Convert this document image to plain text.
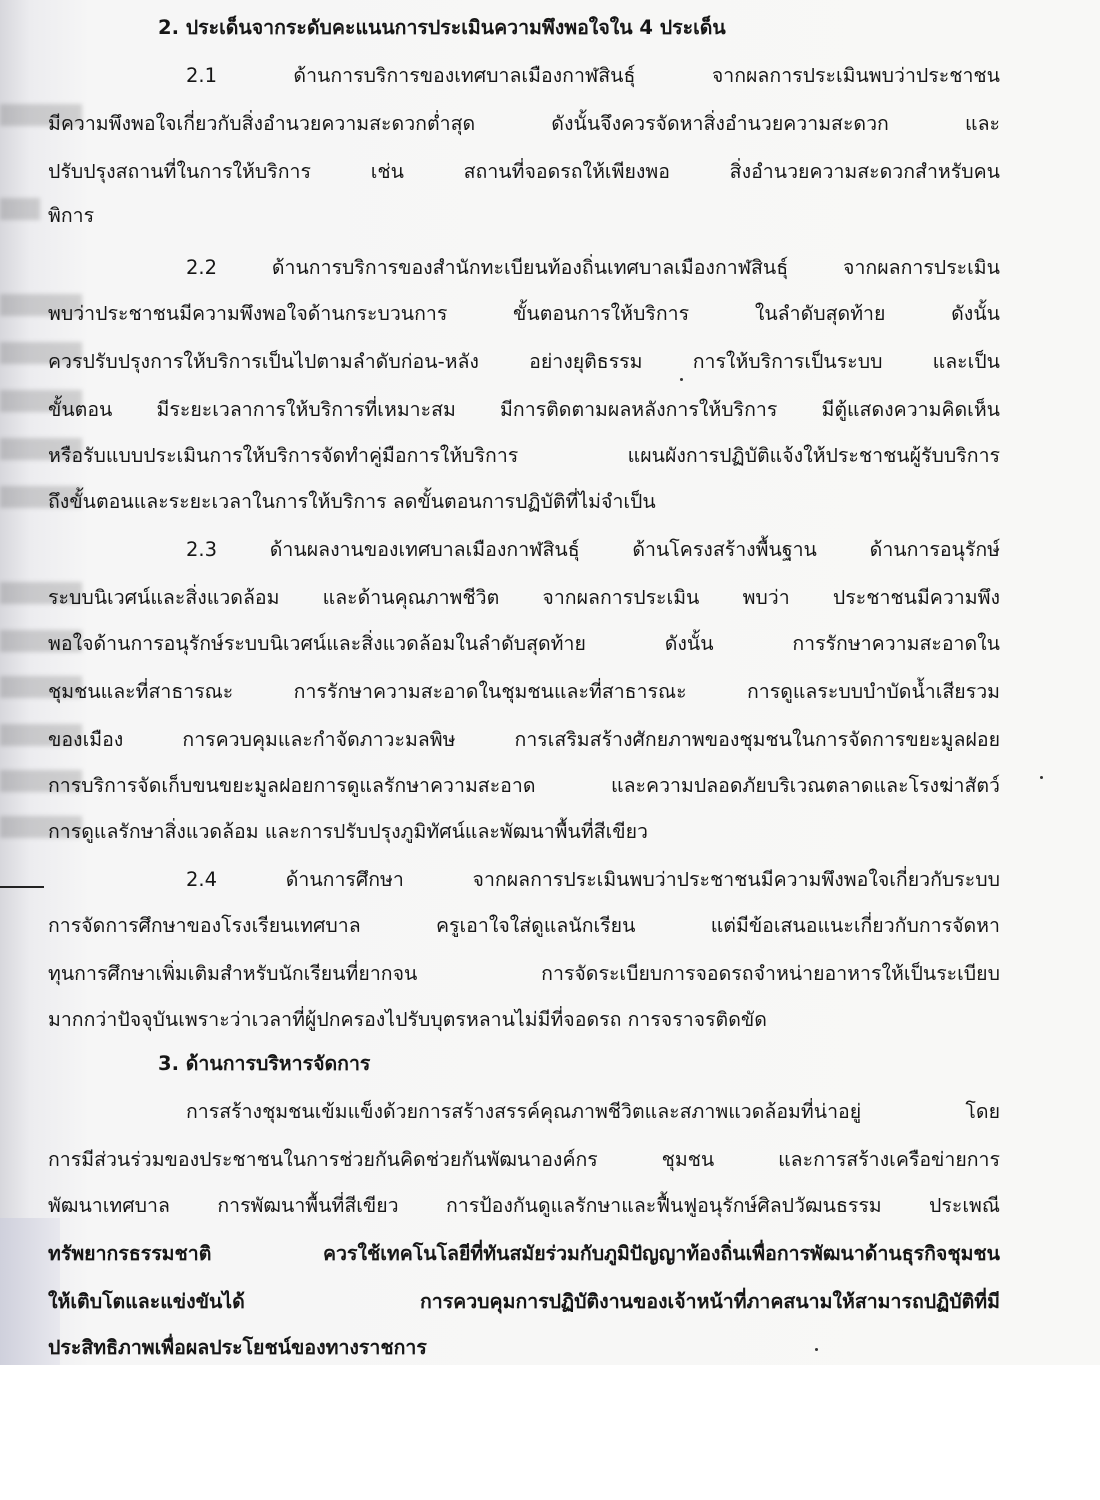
2. ประเด็นจากระดับคะแนนการประเมินความพึงพอใจใน 4 ประเด็น
2.1 ด้านการบริการของเทศบาลเมืองกาฬสินธุ์ จากผลการประเมินพบว่าประชาชน
มีความพึงพอใจเกี่ยวกับสิ่งอำนวยความสะดวกต่ำสุด ดังนั้นจึงควรจัดหาสิ่งอำนวยความสะดวก และ
ปรับปรุงสถานที่ในการให้บริการ เช่น สถานที่จอดรถให้เพียงพอ สิ่งอำนวยความสะดวกสำหรับคน
พิการ
2.2 ด้านการบริการของสำนักทะเบียนท้องถิ่นเทศบาลเมืองกาฬสินธุ์ จากผลการประเมิน
พบว่าประชาชนมีความพึงพอใจด้านกระบวนการ ขั้นตอนการให้บริการ ในลำดับสุดท้าย ดังนั้น
ควรปรับปรุงการให้บริการเป็นไปตามลำดับก่อน-หลัง อย่างยุติธรรม การให้บริการเป็นระบบ และเป็น
ขั้นตอน มีระยะเวลาการให้บริการที่เหมาะสม มีการติดตามผลหลังการให้บริการ มีตู้แสดงความคิดเห็น
หรือรับแบบประเมินการให้บริการจัดทำคู่มือการให้บริการ แผนผังการปฏิบัติแจ้งให้ประชาชนผู้รับบริการ
ถึงขั้นตอนและระยะเวลาในการให้บริการ ลดขั้นตอนการปฏิบัติที่ไม่จำเป็น
2.3 ด้านผลงานของเทศบาลเมืองกาฬสินธุ์ ด้านโครงสร้างพื้นฐาน ด้านการอนุรักษ์
ระบบนิเวศน์และสิ่งแวดล้อม และด้านคุณภาพชีวิต จากผลการประเมิน พบว่า ประชาชนมีความพึง
พอใจด้านการอนุรักษ์ระบบนิเวศน์และสิ่งแวดล้อมในลำดับสุดท้าย ดังนั้น การรักษาความสะอาดใน
ชุมชนและที่สาธารณะ การรักษาความสะอาดในชุมชนและที่สาธารณะ การดูแลระบบบำบัดน้ำเสียรวม
ของเมือง การควบคุมและกำจัดภาวะมลพิษ การเสริมสร้างศักยภาพของชุมชนในการจัดการขยะมูลฝอย
การบริการจัดเก็บขนขยะมูลฝอยการดูแลรักษาความสะอาด และความปลอดภัยบริเวณตลาดและโรงฆ่าสัตว์
การดูแลรักษาสิ่งแวดล้อม และการปรับปรุงภูมิทัศน์และพัฒนาพื้นที่สีเขียว
2.4 ด้านการศึกษา จากผลการประเมินพบว่าประชาชนมีความพึงพอใจเกี่ยวกับระบบ
การจัดการศึกษาของโรงเรียนเทศบาล ครูเอาใจใส่ดูแลนักเรียน แต่มีข้อเสนอแนะเกี่ยวกับการจัดหา
ทุนการศึกษาเพิ่มเติมสำหรับนักเรียนที่ยากจน การจัดระเบียบการจอดรถจำหน่ายอาหารให้เป็นระเบียบ
มากกว่าปัจจุบันเพราะว่าเวลาที่ผู้ปกครองไปรับบุตรหลานไม่มีที่จอดรถ การจราจรติดขัด
3. ด้านการบริหารจัดการ
การสร้างชุมชนเข้มแข็งด้วยการสร้างสรรค์คุณภาพชีวิตและสภาพแวดล้อมที่น่าอยู่ โดย
การมีส่วนร่วมของประชาชนในการช่วยกันคิดช่วยกันพัฒนาองค์กร ชุมชน และการสร้างเครือข่ายการ
พัฒนาเทศบาล การพัฒนาพื้นที่สีเขียว การป้องกันดูแลรักษาและฟื้นฟูอนุรักษ์ศิลปวัฒนธรรม ประเพณี
ทรัพยากรธรรมชาติ ควรใช้เทคโนโลยีที่ทันสมัยร่วมกับภูมิปัญญาท้องถิ่นเพื่อการพัฒนาด้านธุรกิจชุมชน
ให้เติบโตและแข่งขันได้ การควบคุมการปฏิบัติงานของเจ้าหน้าที่ภาคสนามให้สามารถปฏิบัติที่มี
ประสิทธิภาพเพื่อผลประโยชน์ของทางราชการ
